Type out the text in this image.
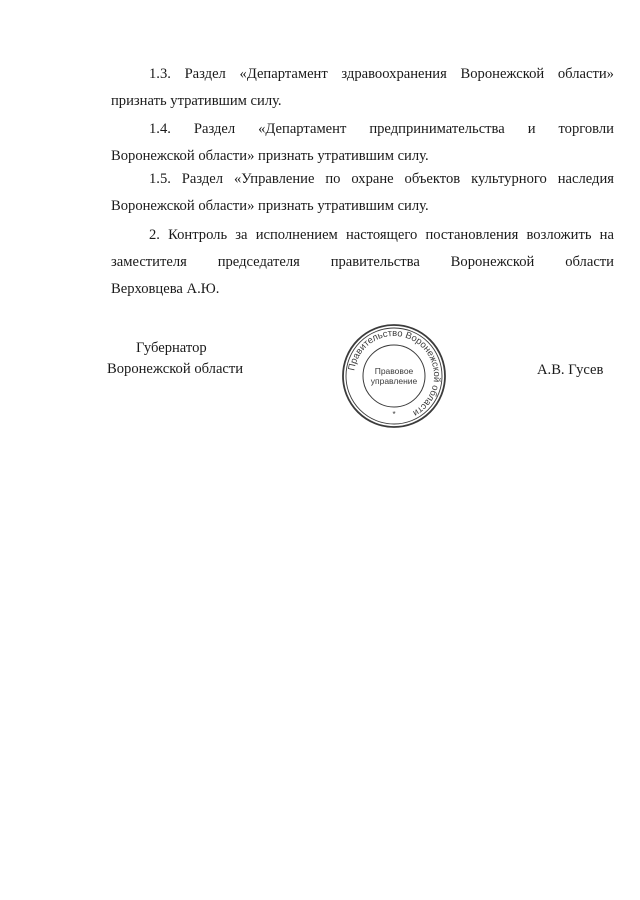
1.3. Раздел «Департамент здравоохранения Воронежской области»
признать утратившим силу.
1.4. Раздел «Департамент предпринимательства и торговли
Воронежской области» признать утратившим силу.
1.5. Раздел «Управление по охране объектов культурного наследия
Воронежской области» признать утратившим силу.
2. Контроль за исполнением настоящего постановления возложить на
заместителя председателя правительства Воронежской области
Верховцева А.Ю.
Губернатор
Воронежской области	Правительство Воронежской области
Правовое
управление
*

А.В. Гусев
